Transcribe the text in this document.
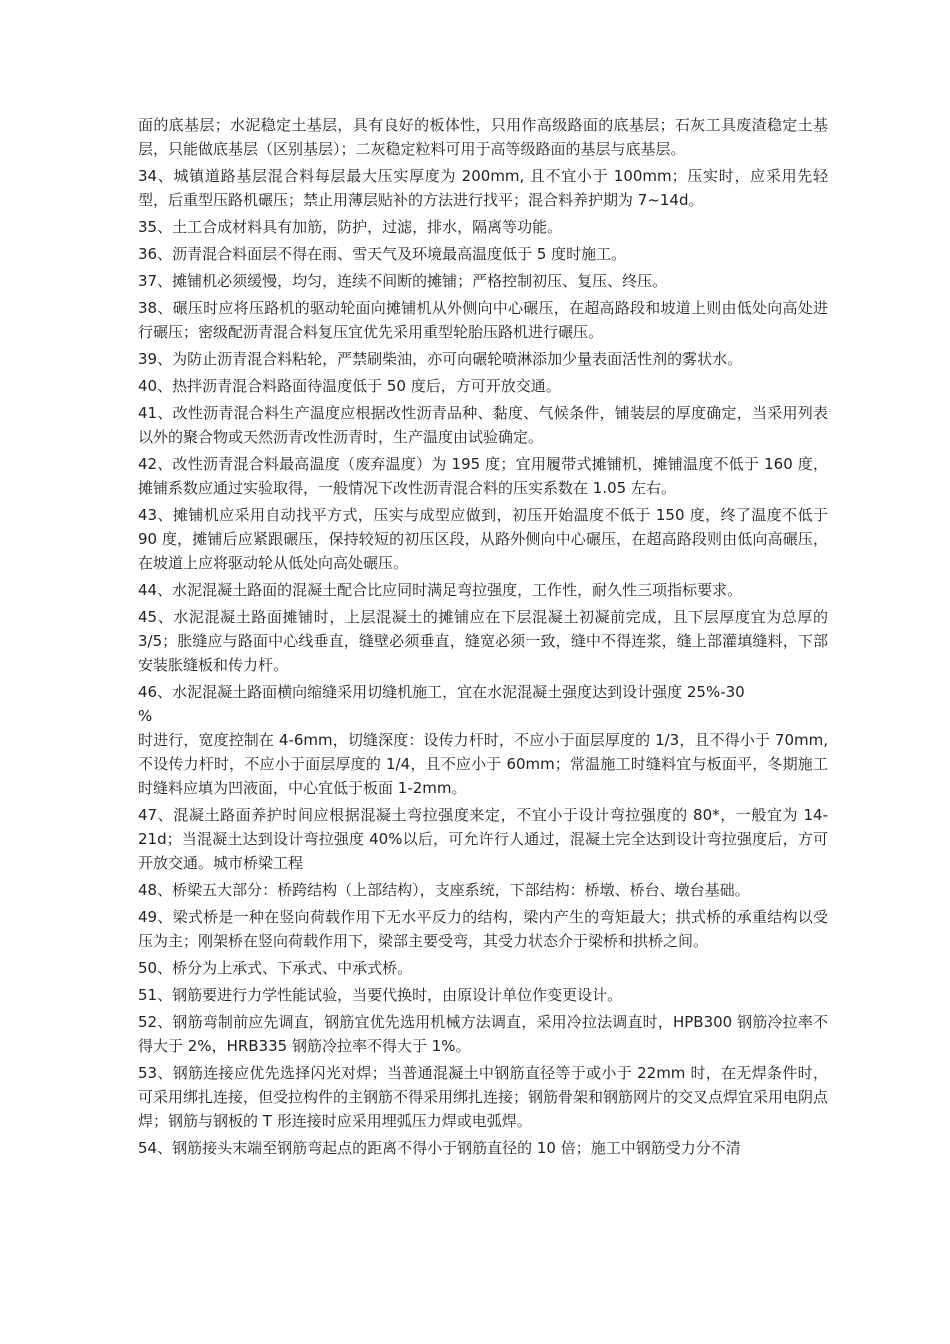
面的底基层；水泥稳定土基层，具有良好的板体性，只用作高级路面的底基层；石灰工具废渣稳定土基层，只能做底基层（区别基层）；二灰稳定粒料可用于高等级路面的基层与底基层。

34、城镇道路基层混合料每层最大压实厚度为 200mm, 且不宜小于 100mm；压实时，应采用先轻型，后重型压路机碾压；禁止用薄层贴补的方法进行找平；混合料养护期为 7~14d。

35、土工合成材料具有加筋，防护，过滤，排水，隔离等功能。

36、沥青混合料面层不得在雨、雪天气及环境最高温度低于 5 度时施工。

37、摊铺机必须缓慢，均匀，连续不间断的摊铺；严格控制初压、复压、终压。

38、碾压时应将压路机的驱动轮面向摊铺机从外侧向中心碾压，在超高路段和坡道上则由低处向高处进行碾压；密级配沥青混合料复压宜优先采用重型轮胎压路机进行碾压。

39、为防止沥青混合料粘轮，严禁刷柴油，亦可向碾轮喷淋添加少量表面活性剂的雾状水。

40、热拌沥青混合料路面待温度低于 50 度后，方可开放交通。

41、改性沥青混合料生产温度应根据改性沥青品种、黏度、气候条件，铺装层的厚度确定，当采用列表以外的聚合物或天然沥青改性沥青时，生产温度由试验确定。

42、改性沥青混合料最高温度（废弃温度）为 195 度；宜用履带式摊铺机，摊铺温度不低于 160 度，摊铺系数应通过实验取得，一般情况下改性沥青混合料的压实系数在 1.05 左右。

43、摊铺机应采用自动找平方式，压实与成型应做到，初压开始温度不低于 150 度，终了温度不低于 90 度，摊铺后应紧跟碾压，保持较短的初压区段，从路外侧向中心碾压，在超高路段则由低向高碾压，在坡道上应将驱动轮从低处向高处碾压。

44、水泥混凝土路面的混凝土配合比应同时满足弯拉强度，工作性，耐久性三项指标要求。

45、水泥混凝土路面摊铺时，上层混凝土的摊铺应在下层混凝土初凝前完成，且下层厚度宜为总厚的 3/5；胀缝应与路面中心线垂直，缝壁必须垂直，缝宽必须一致，缝中不得连浆，缝上部灌填缝料，下部安装胀缝板和传力杆。

46、水泥混凝土路面横向缩缝采用切缝机施工，宜在水泥混凝土强度达到设计强度 25%-30
%
时进行，宽度控制在 4-6mm，切缝深度：设传力杆时，不应小于面层厚度的 1/3，且不得小于 70mm, 不设传力杆时，不应小于面层厚度的 1/4，且不应小于 60mm；常温施工时缝料宜与板面平，冬期施工时缝料应填为凹液面，中心宜低于板面 1-2mm。

47、混凝土路面养护时间应根据混凝土弯拉强度来定，不宜小于设计弯拉强度的 80*，一般宜为 14-21d；当混凝土达到设计弯拉强度 40%以后，可允许行人通过，混凝土完全达到设计弯拉强度后，方可开放交通。城市桥梁工程

48、桥梁五大部分：桥跨结构（上部结构），支座系统，下部结构：桥墩、桥台、墩台基础。

49、梁式桥是一种在竖向荷载作用下无水平反力的结构，梁内产生的弯矩最大；拱式桥的承重结构以受压为主；刚架桥在竖向荷载作用下，梁部主要受弯，其受力状态介于梁桥和拱桥之间。

50、桥分为上承式、下承式、中承式桥。

51、钢筋要进行力学性能试验，当要代换时，由原设计单位作变更设计。

52、钢筋弯制前应先调直，钢筋宜优先选用机械方法调直，采用冷拉法调直时，HPB300 钢筋冷拉率不得大于 2%，HRB335 钢筋冷拉率不得大于 1%。

53、钢筋连接应优先选择闪光对焊；当普通混凝土中钢筋直径等于或小于 22mm 时，在无焊条件时，可采用绑扎连接，但受拉构件的主钢筋不得采用绑扎连接；钢筋骨架和钢筋网片的交叉点焊宜采用电阴点焊；钢筋与钢板的 T 形连接时应采用埋弧压力焊或电弧焊。

54、钢筋接头末端至钢筋弯起点的距离不得小于钢筋直径的 10 倍；施工中钢筋受力分不清
